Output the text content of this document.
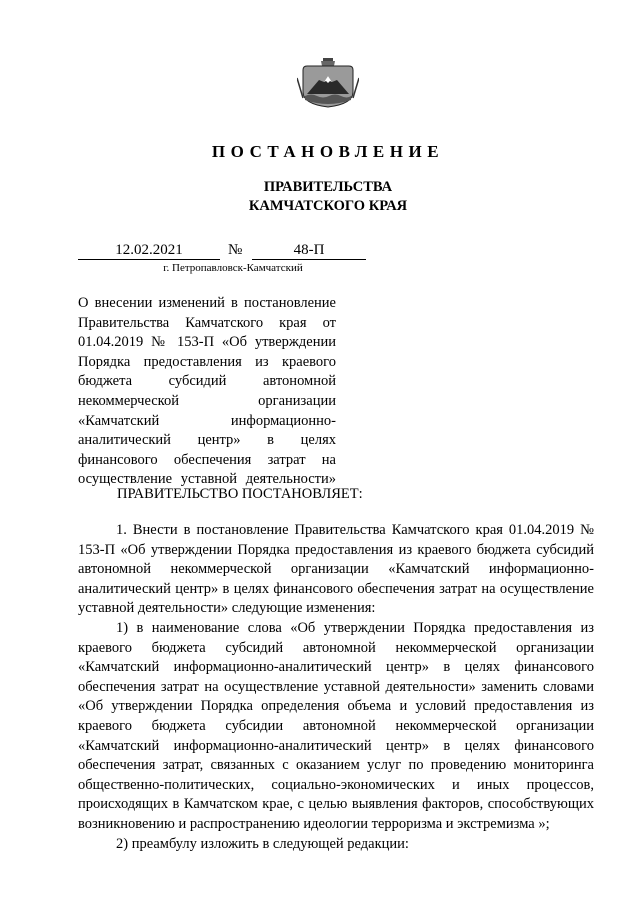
ПОСТАНОВЛЕНИЕ
ПРАВИТЕЛЬСТВА
КАМЧАТСКОГО КРАЯ
12.02.2021	№	48-П
г. Петропавловск-Камчатский
О внесении изменений в постановление Правительства Камчатского края от 01.04.2019 № 153-П «Об утверждении Порядка предоставления из краевого бюджета субсидий автономной некоммерческой организации «Камчатский информационно-аналитический центр» в целях финансового обеспечения затрат на осуществление уставной деятельности»
ПРАВИТЕЛЬСТВО ПОСТАНОВЛЯЕТ:

1. Внести в постановление Правительства Камчатского края 01.04.2019 № 153-П «Об утверждении Порядка предоставления из краевого бюджета субсидий автономной некоммерческой организации «Камчатский информационно-аналитический центр» в целях финансового обеспечения затрат на осуществление уставной деятельности» следующие изменения:

1) в наименование слова «Об утверждении Порядка предоставления из краевого бюджета субсидий автономной некоммерческой организации «Камчатский информационно-аналитический центр» в целях финансового обеспечения затрат на осуществление уставной деятельности» заменить словами «Об утверждении Порядка определения объема и условий предоставления из краевого бюджета субсидии автономной некоммерческой организации «Камчатский информационно-аналитический центр» в целях финансового обеспечения затрат, связанных с оказанием услуг по проведению мониторинга общественно-политических, социально-экономических и иных процессов, происходящих в Камчатском крае, с целью выявления факторов, способствующих возникновению и распространению идеологии терроризма и экстремизма »;

2) преамбулу изложить в следующей редакции:
